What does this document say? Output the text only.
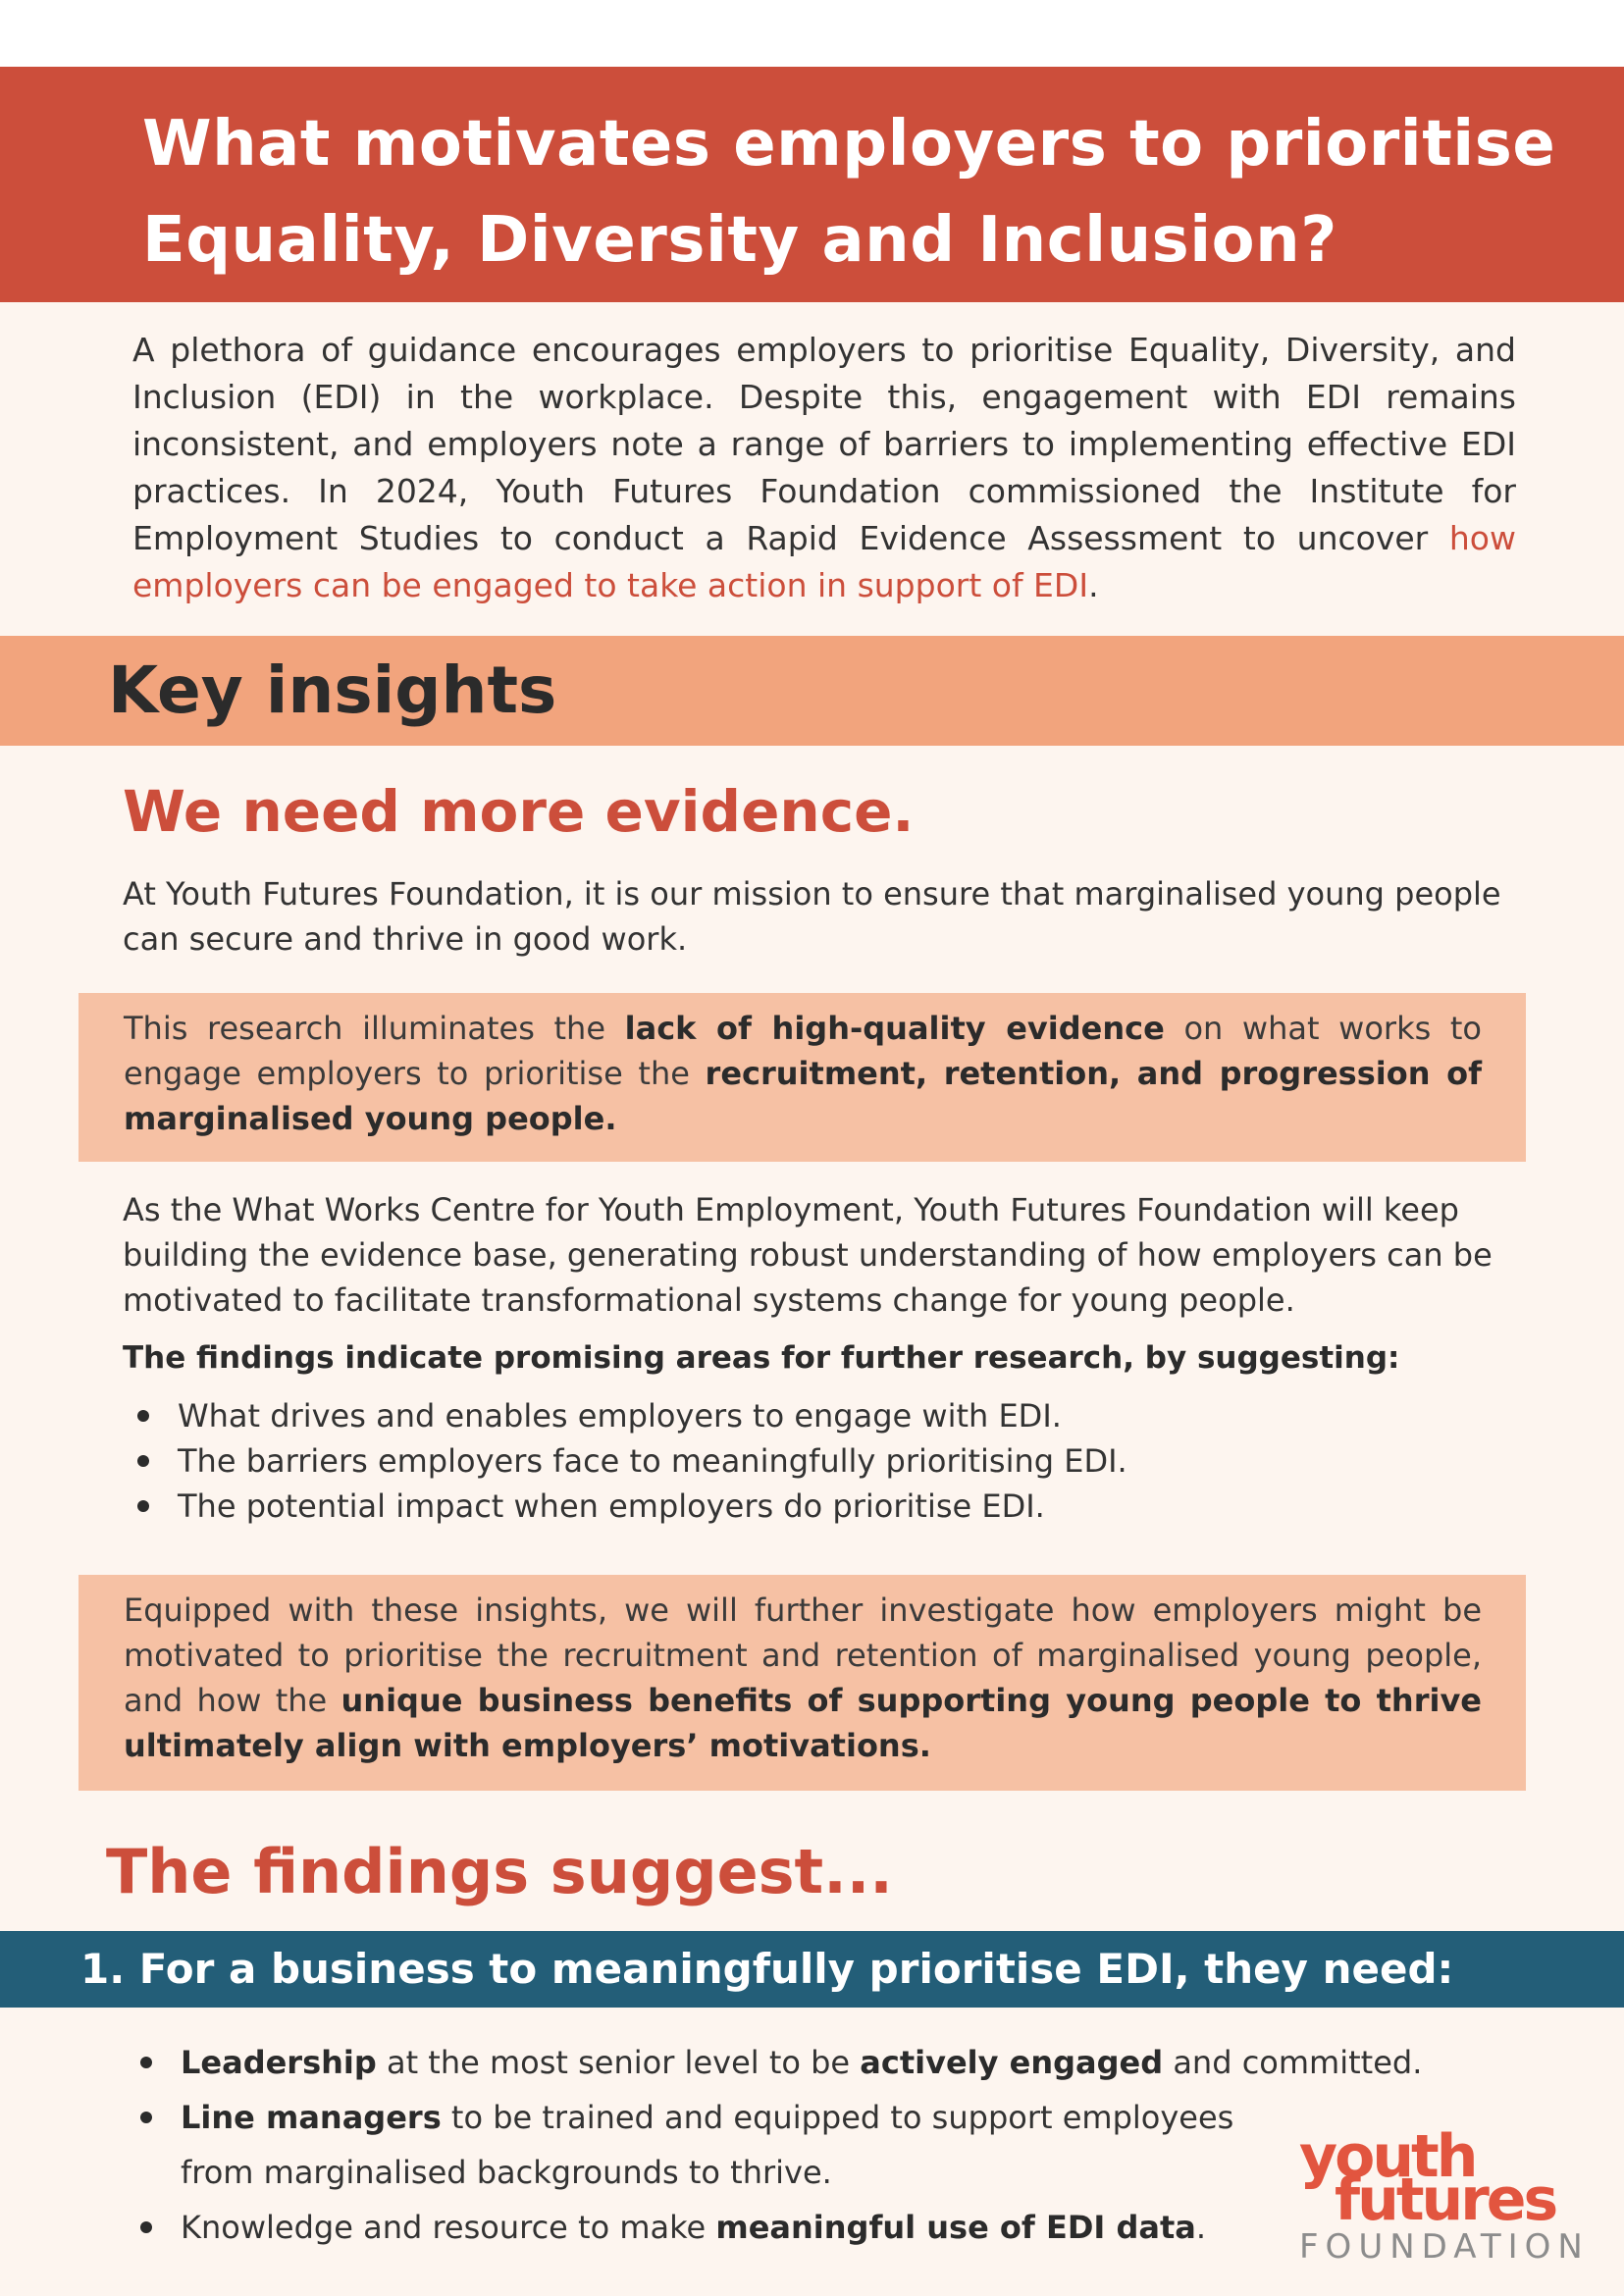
What motivates employers to prioritise
Equality, Diversity and Inclusion?

A plethora of guidance encourages employers to prioritise Equality, Diversity, and Inclusion (EDI) in the workplace. Despite this, engagement with EDI remains inconsistent, and employers note a range of barriers to implementing effective EDI practices. In 2024, Youth Futures Foundation commissioned the Institute for Employment Studies to conduct a Rapid Evidence Assessment to uncover how employers can be engaged to take action in support of EDI.

Key insights
We need more evidence.

At Youth Futures Foundation, it is our mission to ensure that marginalised young people can secure and thrive in good work.

This research illuminates the lack of high-quality evidence on what works to engage employers to prioritise the recruitment, retention, and progression of marginalised young people.

As the What Works Centre for Youth Employment, Youth Futures Foundation will keep building the evidence base, generating robust understanding of how employers can be motivated to facilitate transformational systems change for young people.

The findings indicate promising areas for further research, by suggesting:

What drives and enables employers to engage with EDI.
The barriers employers face to meaningfully prioritising EDI.
The potential impact when employers do prioritise EDI.

Equipped with these insights, we will further investigate how employers might be motivated to prioritise the recruitment and retention of marginalised young people, and how the unique business benefits of supporting young people to thrive ultimately align with employers’ motivations.

The findings suggest...
1. For a business to meaningfully prioritise EDI, they need:
Leadership at the most senior level to be actively engaged and committed.
Line managers to be trained and equipped to support employees
from marginalised backgrounds to thrive.
Knowledge and resource to make meaningful use of EDI data.
youth
futures
FOUNDATION
